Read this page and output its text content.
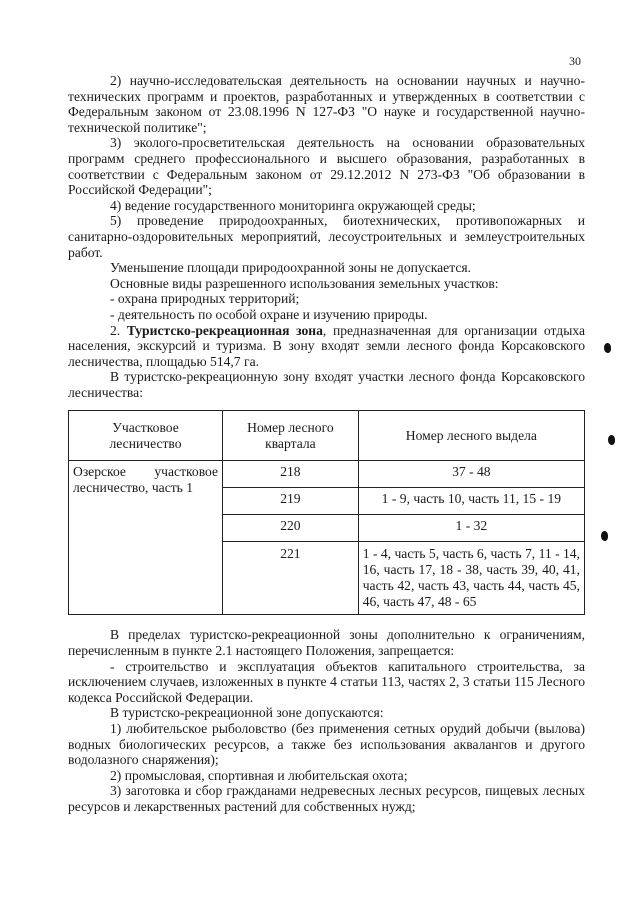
30

2) научно-исследовательская деятельность на основании научных и научно-технических программ и проектов, разработанных и утвержденных в соответствии с Федеральным законом от 23.08.1996 N 127-ФЗ "О науке и государственной научно-технической политике";

3) эколого-просветительская деятельность на основании образовательных программ среднего профессионального и высшего образования, разработанных в соответствии с Федеральным законом от 29.12.2012 N 273-ФЗ "Об образовании в Российской Федерации";

4) ведение государственного мониторинга окружающей среды;

5) проведение природоохранных, биотехнических, противопожарных и санитарно-оздоровительных мероприятий, лесоустроительных и землеустроительных работ.

Уменьшение площади природоохранной зоны не допускается.

Основные виды разрешенного использования земельных участков:

- охрана природных территорий;

- деятельность по особой охране и изучению природы.

2. Туристско-рекреационная зона, предназначенная для организации отдыха населения, экскурсий и туризма. В зону входят земли лесного фонда Корсаковского лесничества, площадью 514,7 га.

В туристско-рекреационную зону входят участки лесного фонда Корсаковского лесничества:

Участковое лесничество	Номер лесного квартала	Номер лесного выдела
Озерское участковое лесничество, часть 1	218	37 - 48
	219	1 - 9, часть 10, часть 11, 15 - 19
	220	1 - 32
	221	1 - 4, часть 5, часть 6, часть 7, 11 - 14, 16, часть 17, 18 - 38, часть 39, 40, 41, часть 42, часть 43, часть 44, часть 45, 46, часть 47, 48 - 65

В пределах туристско-рекреационной зоны дополнительно к ограничениям, перечисленным в пункте 2.1 настоящего Положения, запрещается:

- строительство и эксплуатация объектов капитального строительства, за исключением случаев, изложенных в пункте 4 статьи 113, частях 2, 3 статьи 115 Лесного кодекса Российской Федерации.

В туристско-рекреационной зоне допускаются:

1) любительское рыболовство (без применения сетных орудий добычи (вылова) водных биологических ресурсов, а также без использования аквалангов и другого водолазного снаряжения);

2) промысловая, спортивная и любительская охота;

3) заготовка и сбор гражданами недревесных лесных ресурсов, пищевых лесных ресурсов и лекарственных растений для собственных нужд;
